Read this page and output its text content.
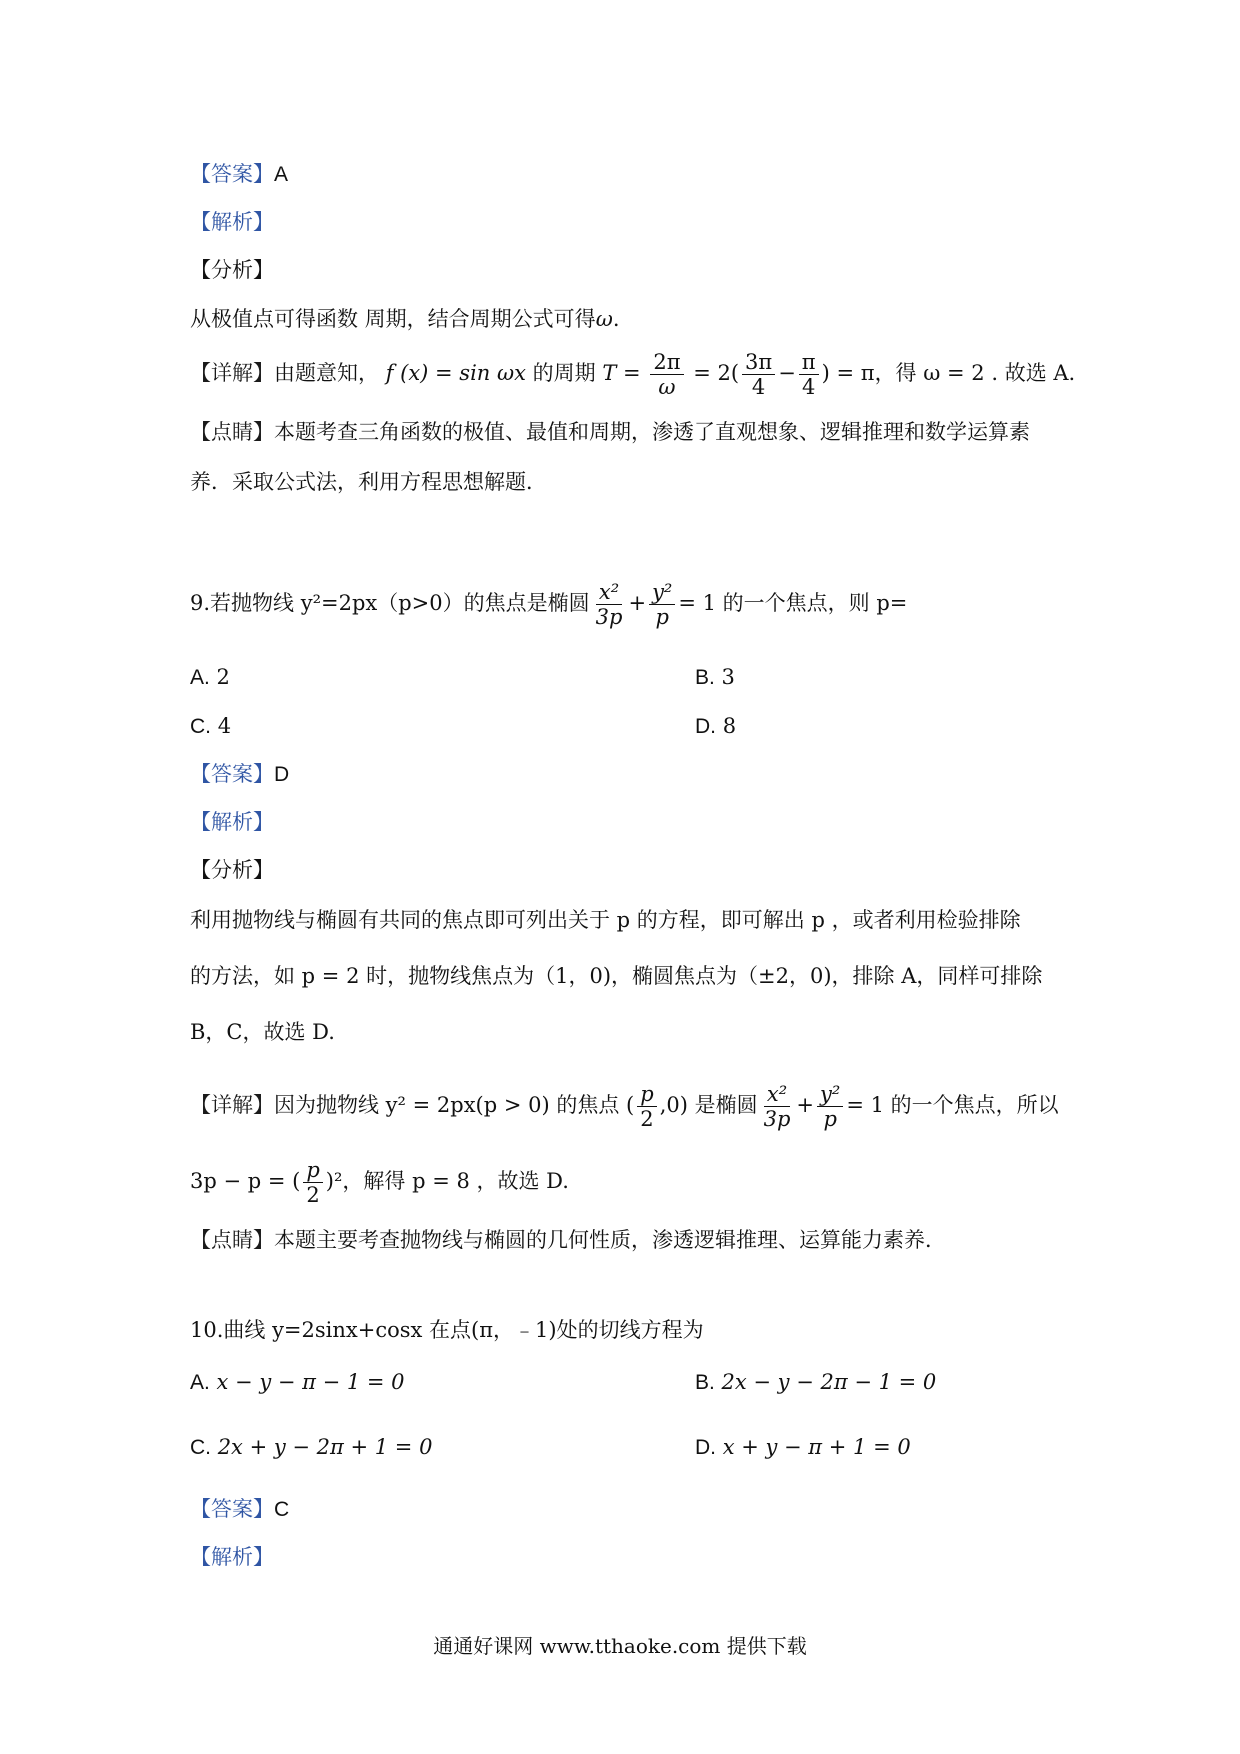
【答案】A
【解析】
【分析】
从极值点可得函数 周期，结合周期公式可得ω.
【详解】由题意知， f (x) = sin ωx 的周期 $T = \frac{2\pi}{\omega} = 2( \frac{3\pi}{4} - \frac{\pi}{4}$ ) = π，得 ω = 2 . 故选 A.
【点睛】本题考查三角函数的极值、最值和周期，渗透了直观想象、逻辑推理和数学运算素
养．采取公式法，利用方程思想解题．
9.若抛物线 y²=2px（p>0）的焦点是椭圆 $\frac{\text{x²}}{3p} + \frac{\text{y²}}{p} = 1$ 的一个焦点，则 p=
A. 2	B. 3
C. 4	D. 8
【答案】D
【解析】
【分析】
利用抛物线与椭圆有共同的焦点即可列出关于 p 的方程，即可解出 p ，或者利用检验排除
的方法，如 p = 2 时，抛物线焦点为（1，0)，椭圆焦点为（±2，0)，排除 A，同样可排除
B，C，故选 D.
【详解】因为抛物线 y² = 2px(p > 0) 的焦点 ( $\frac{p}{2} ,0$) 是椭圆 $\frac{\text{x²}}{3p} + \frac{\text{y²}}{p} = 1$ 的一个焦点，所以
3p − p = ( $\frac{p}{2} )^2$，解得 p = 8 ，故选 D.
【点睛】本题主要考查抛物线与椭圆的几何性质，渗透逻辑推理、运算能力素养．
10.曲线 y=2sinx+cosx 在点(π，﹣1)处的切线方程为
A. x − y − π − 1 = 0	B. 2x − y − 2π − 1 = 0
C. 2x + y − 2π + 1 = 0	D. x + y − π + 1 = 0
【答案】C
【解析】
通通好课网 www.tthaoke.com 提供下载
